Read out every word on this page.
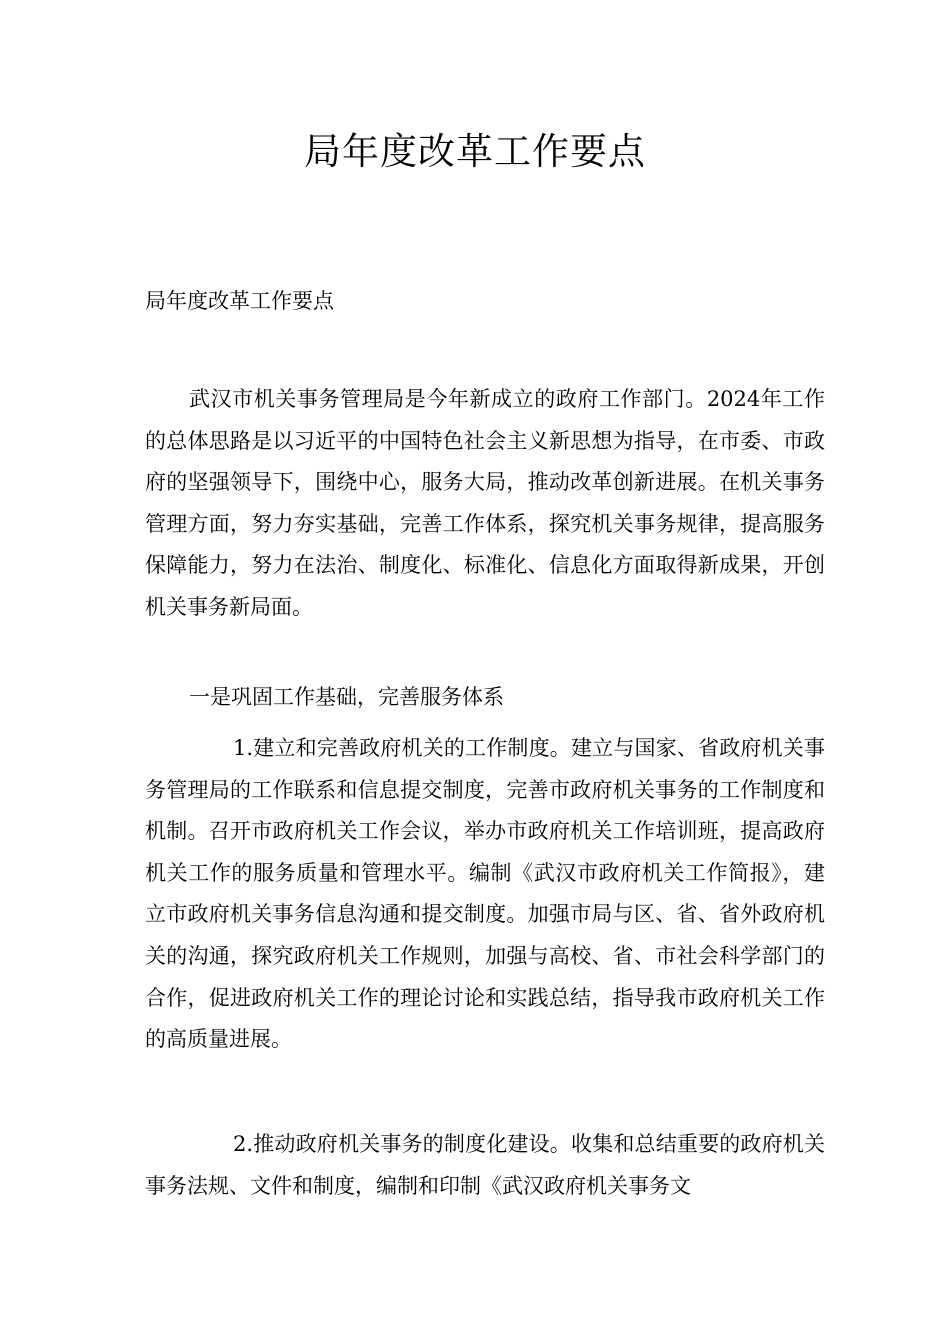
局年度改革工作要点

局年度改革工作要点

武汉市机关事务管理局是今年新成立的政府工作部门。2024年工作的总体思路是以习近平的中国特色社会主义新思想为指导，在市委、市政府的坚强领导下，围绕中心，服务大局，推动改革创新进展。在机关事务管理方面，努力夯实基础，完善工作体系，探究机关事务规律，提高服务保障能力，努力在法治、制度化、标准化、信息化方面取得新成果，开创机关事务新局面。

一是巩固工作基础，完善服务体系

1.建立和完善政府机关的工作制度。建立与国家、省政府机关事务管理局的工作联系和信息提交制度，完善市政府机关事务的工作制度和机制。召开市政府机关工作会议，举办市政府机关工作培训班，提高政府机关工作的服务质量和管理水平。编制《武汉市政府机关工作简报》，建立市政府机关事务信息沟通和提交制度。加强市局与区、省、省外政府机关的沟通，探究政府机关工作规则，加强与高校、省、市社会科学部门的合作，促进政府机关工作的理论讨论和实践总结，指导我市政府机关工作的高质量进展。

2.推动政府机关事务的制度化建设。收集和总结重要的政府机关事务法规、文件和制度，编制和印制《武汉政府机关事务文
